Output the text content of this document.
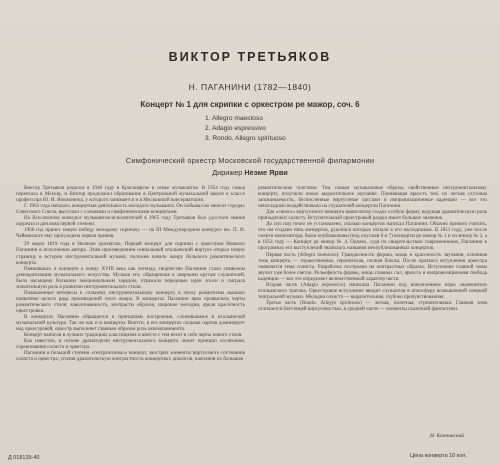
ВИКТОР ТРЕТЬЯКОВ
Н. ПАГАНИНИ (1782—1840)
Концерт № 1 для скрипки с оркестром ре мажор, соч. 6
1. Allegro maestoso
2. Adagio espressivo
3. Rondo. Allegro spirituoso
Симфонический оркестр Московской государственной филармонии
Дирижер Неэме Ярви

Виктор Третьяков родился в 1946 году в Красноярске в семье музыкантов. В 1954 году семья переехала в Москву, и Виктор продолжил образование в Центральной музыкальной школе в классе профессора Ю. И. Янкелевича, у которого занимается и в Московской консерватории.

С 1963 года началась концертная деятельность молодого музыканта. Он побывал во многих городах Советского Союза, выступал с сольными и симфоническими концертами.

На Всесоюзном конкурсе музыкантов-исполнителей в 1965 году Третьяков был удостоен звания лауреата и диплома первой степени.

1966 год принес новую победу молодому скрипачу — на III Международном конкурсе им. П. И. Чайковского ему присуждена первая премия.

29 марта 1819 года в Неаполе прозвучал. Первый концерт для скрипки с оркестром Никколо Паганини в исполнении автора. Этим произведением гениальный итальянский виртуоз открыл новую страницу в истории инструментальной музыки, положив начало жанру большого романтического концерта.

Появившись в концерте к концу XVIII века как легенда, творчество Паганини стало символом демократизации музыкального искусства. Музыка его, обращенная к широким кругам слушателей, была насыщена большим эмоциональным зарядом, отражала передовые идеи эпохи и сыграла значительную роль в развитии инструментального стиля.

Повышенные интересы к сольному инструментальному концерту в эпоху романтизма вызвало появление целого ряда произведений этого жанра. В концертах Паганини ярко проявились черты романтического стиля; взволнованность, контрасты образов, широкие мелодии, яркая красочность оркестровки.

В концертах Паганини обращается к принципам построения, сложившимся в итальянской музыкальной культуре. Так же как и в концертах Виотти, в его концертах сольная партия доминирует над оркестровой, оркестр выполняет главным образом роль аккомпанемента.

Концерт написан в лучших традициях классицизма и вместе с тем несет в себе черты нового стиля.

Как известно, в основе драматургии инструментального концерта лежит принцип состязания, соревнования солиста и оркестра.

Паганини в большой степени «театрализовал» концерт, заострил элементы виртуозного состязания солиста и оркестра, усилив драматическую контрастность концертных диалогов, наполнив их большим

романтическим чувством. Тем самым музыкальные образы, свойственные инструментальному концерту, получили новое выразительное звучание. Пленяющая яркость тем, их легкая слуховая запоминаемость, бесчисленные виртуозные пассажи и импровизационные каденции — все это неизгладимо воздействовало на слушателей концертов Паганини.

Для «своего» виртуозного концерта композитор создал особую форму, ведущая драматическую роль принадлежит солисту. Вступительный оркестровый раздел имеет большое значение.

До сих пор точно не установлено, сколько концертов написал Паганини. Обычно принято считать, что им создано пять концертов, рукописи которых попали к его наследникам. В 1851 году, уже после смерти композитора, были опубликованы (под опусами 6 и 7) концерты ре мажор № 1 и си минор № 2, а в 1954 году — Концерт ре минор № 4. Однако, судя по свидетельствам современников, Паганини в программах его выступлений значились названия неопубликованных концертов.

Первая часть (Allegro maestoso). Грандиозность формы, мощь и красочность звучания, основная тема концерта — торжественная, героическая, полная блеска. После краткого вступления оркестра появляется тема солиста. Разработка построена на контрастных образах. Вступление главной темы звучит уже более светло. Рельефность формы, мощь главных сил, яркость и импровизационная свобода каденции — все это определяет величественный характер части.

Вторая часть (Adagio espressivo) написана Паганини под впечатлением игры знаменитого итальянского трагика. Оркестровое вступление вводит слушателя в атмосферу возвышенной оперной театральной музыки. Мелодия солиста — выразительная, глубоко прочувствованная.

Третья часть (Rondo. Allegro spirituoso) — легкая, полетная, стремительная. Главная тема отличается блестящей виртуозностью, в средней части — элементы сказочной фантастики.

Н. Кипнинский
Д 018139-40	Цена конверта 10 коп.
